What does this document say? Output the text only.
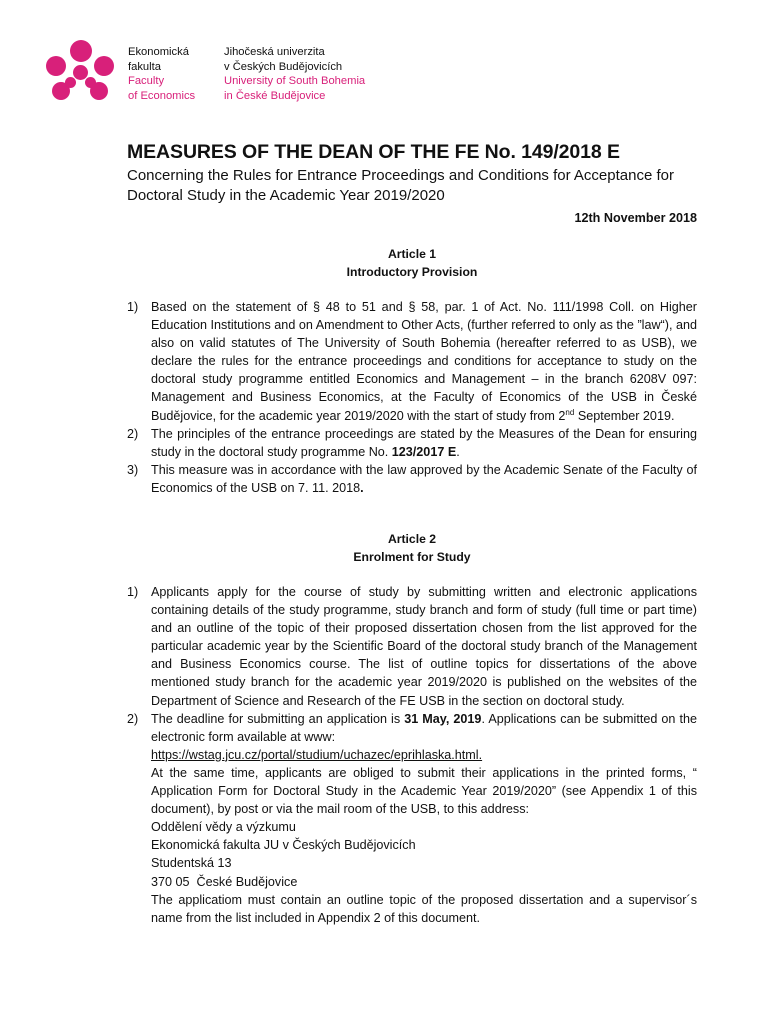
Ekonomická
fakulta
Faculty
of Economics
Jihočeská univerzita
v Českých Budějovicích
University of South Bohemia
in České Budějovice
MEASURES OF THE DEAN OF THE FE No. 149/2018 E
Concerning the Rules for Entrance Proceedings and Conditions for Acceptance for Doctoral Study in the Academic Year 2019/2020
12th November 2018
Article 1
Introductory Provision
1) Based on the statement of § 48 to 51 and § 58, par. 1 of Act. No. 111/1998 Coll. on Higher Education Institutions and on Amendment to Other Acts, (further referred to only as the ”law“), and also on valid statutes of The University of South Bohemia (hereafter referred to as USB), we declare the rules for the entrance proceedings and conditions for acceptance to study on the doctoral study programme entitled Economics and Management – in the branch 6208V 097: Management and Business Economics, at the Faculty of Economics of the USB in České Budějovice, for the academic year 2019/2020 with the start of study from 2nd September 2019.
2) The principles of the entrance proceedings are stated by the Measures of the Dean for ensuring study in the doctoral study programme No. 123/2017 E.
3) This measure was in accordance with the law approved by the Academic Senate of the Faculty of Economics of the USB on 7. 11. 2018.
Article 2
Enrolment for Study
1) Applicants apply for the course of study by submitting written and electronic applications containing details of the study programme, study branch and form of study (full time or part time) and an outline of the topic of their proposed dissertation chosen from the list approved for the particular academic year by the Scientific Board of the doctoral study branch of the Management and Business Economics course. The list of outline topics for dissertations of the above mentioned study branch for the academic year 2019/2020 is published on the websites of the Department of Science and Research of the FE USB in the section on doctoral study.
2) The deadline for submitting an application is 31 May, 2019. Applications can be submitted on the electronic form available at www:
https://wstag.jcu.cz/portal/studium/uchazec/eprihlaska.html.
At the same time, applicants are obliged to submit their applications in the printed forms, “ Application Form for Doctoral Study in the Academic Year 2019/2020” (see Appendix 1 of this document), by post or via the mail room of the USB, to this address:
Oddělení vědy a výzkumu
Ekonomická fakulta JU v Českých Budějovicích
Studentská 13
370 05  České Budějovice
The applicatiom must contain an outline topic of the proposed dissertation and a supervisor´s name from the list included in Appendix 2 of this document.
